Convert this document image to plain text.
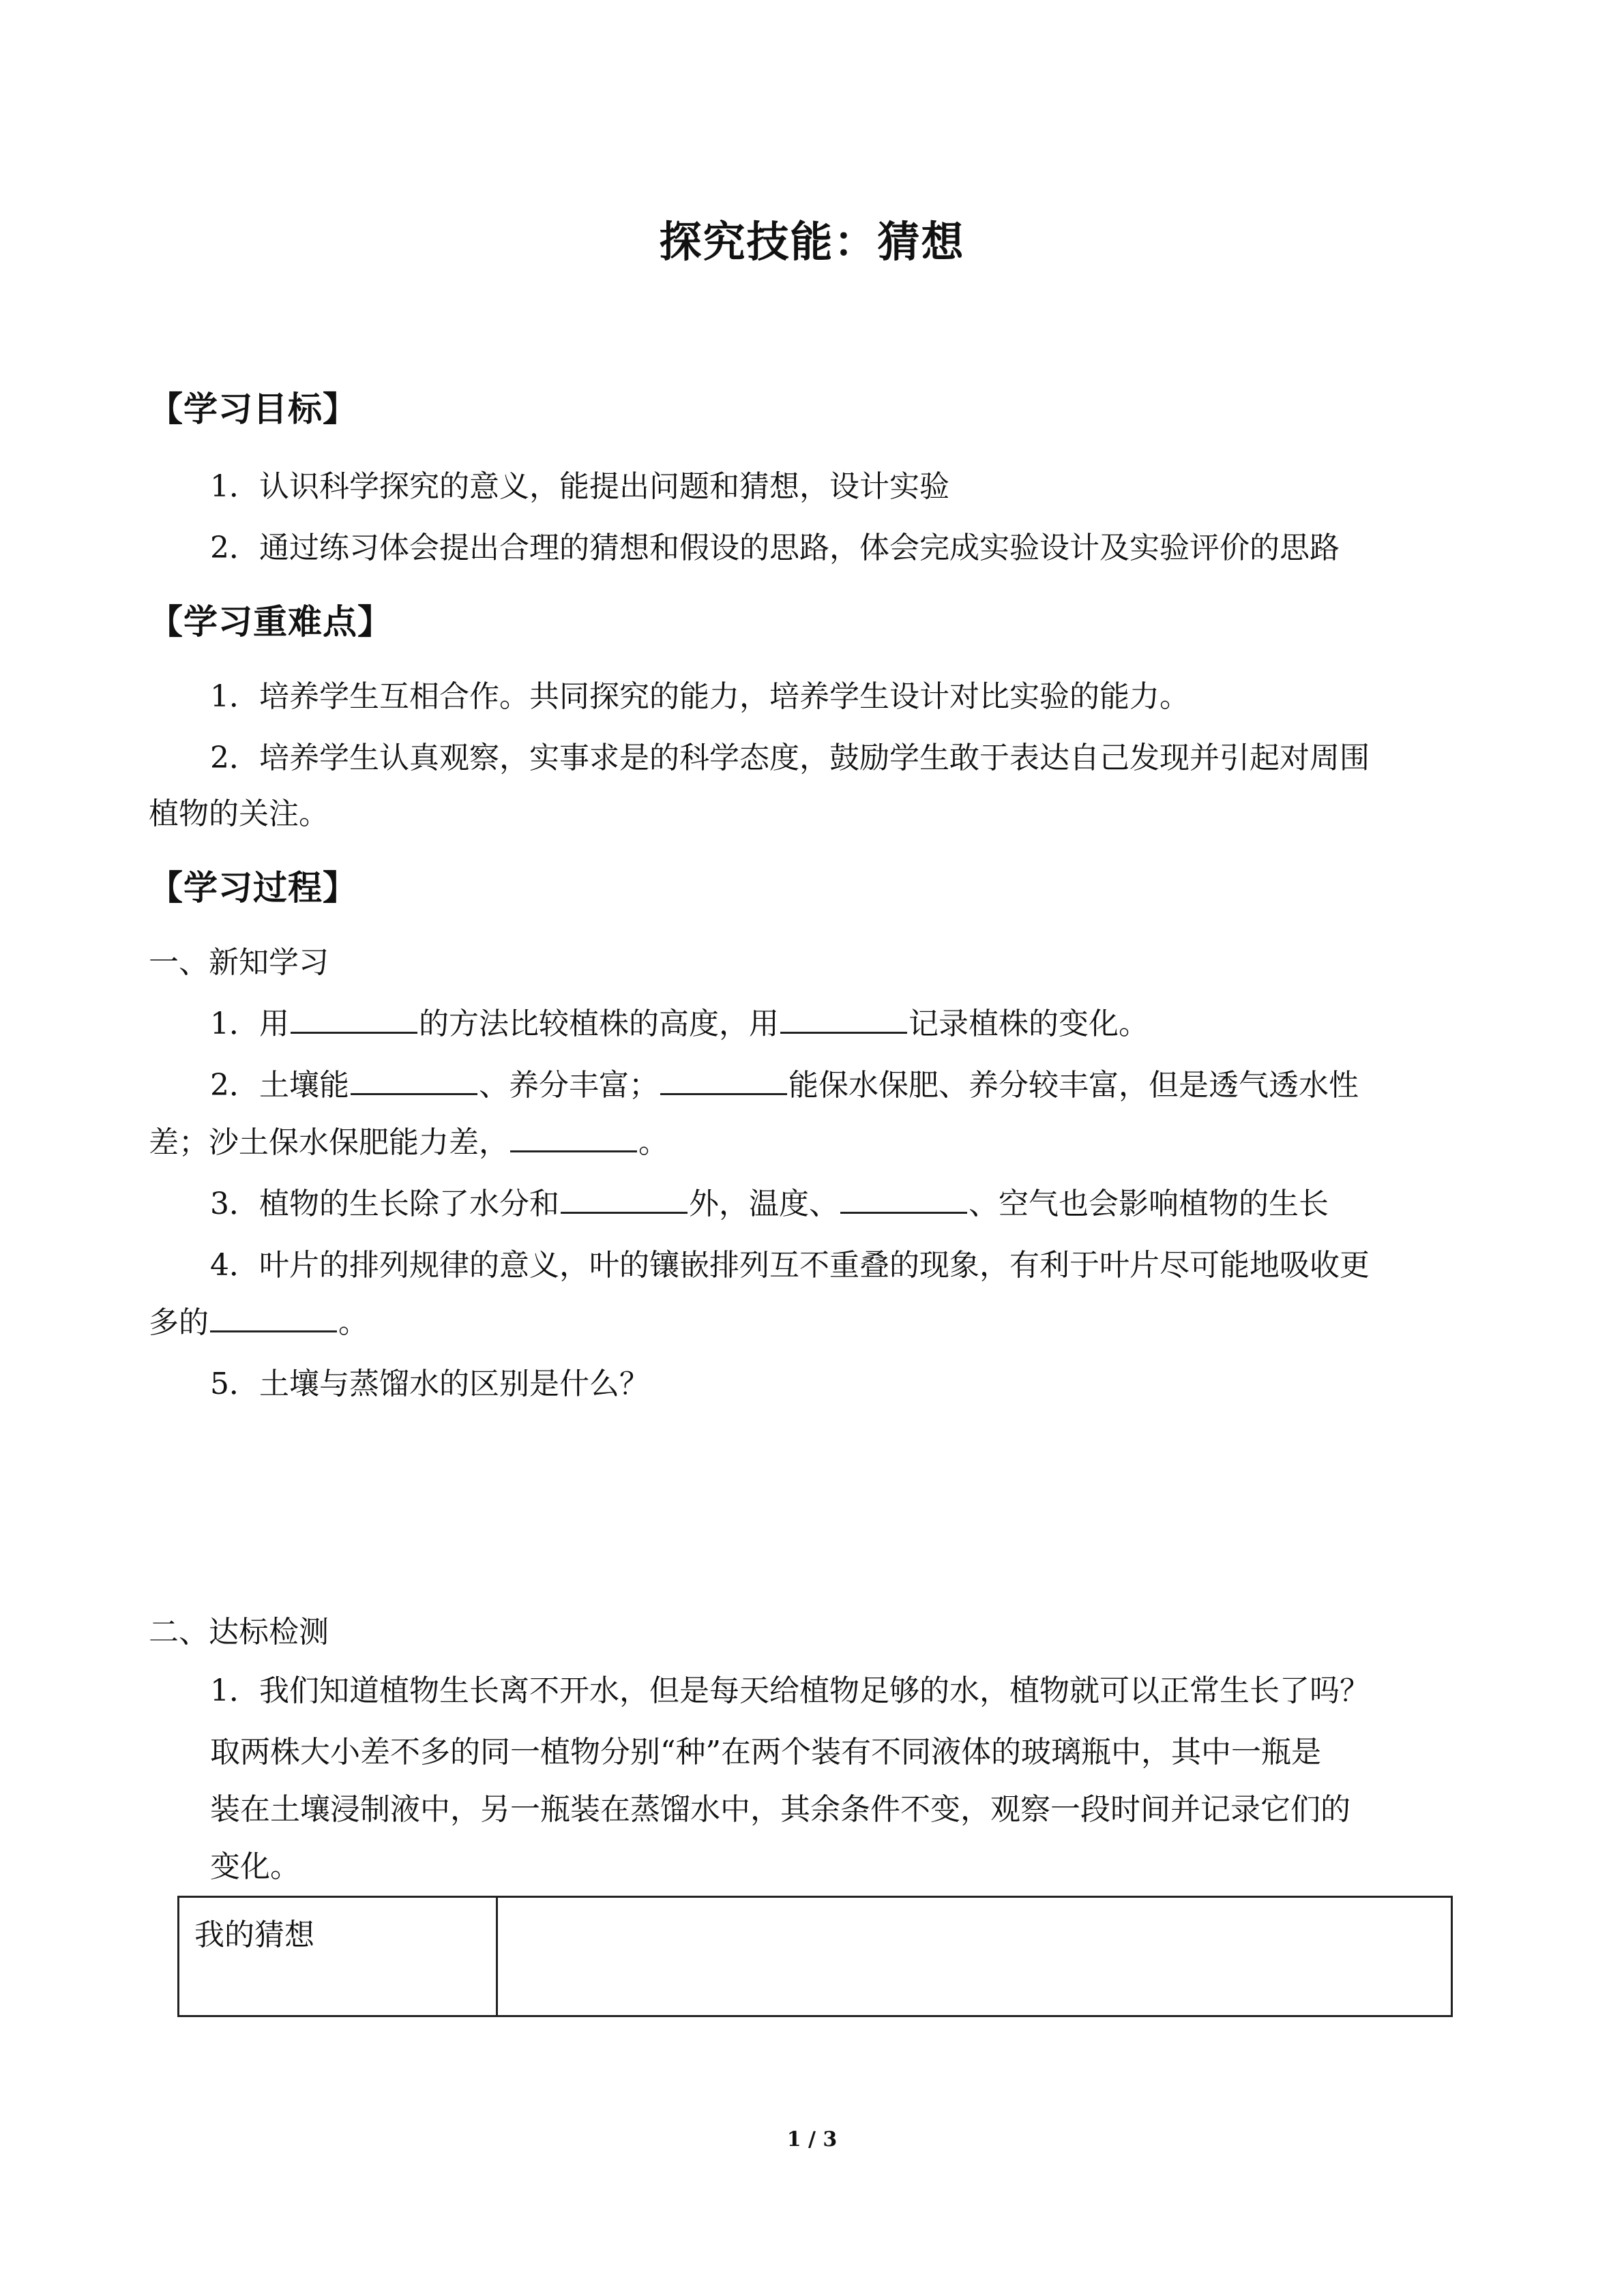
探究技能：猜想
【学习目标】
1．认识科学探究的意义，能提出问题和猜想，设计实验
2．通过练习体会提出合理的猜想和假设的思路，体会完成实验设计及实验评价的思路
【学习重难点】
1．培养学生互相合作。共同探究的能力，培养学生设计对比实验的能力。
2．培养学生认真观察，实事求是的科学态度，鼓励学生敢于表达自己发现并引起对周围
植物的关注。
【学习过程】
一、新知学习
1．用	的方法比较植株的高度，用	记录植株的变化。
2．土壤能	、养分丰富；	能保水保肥、养分较丰富，但是透气透水性
差；沙土保水保肥能力差，	。
3．植物的生长除了水分和	外，温度、	、空气也会影响植物的生长
4．叶片的排列规律的意义，叶的镶嵌排列互不重叠的现象，有利于叶片尽可能地吸收更
多的	。
5．土壤与蒸馏水的区别是什么？
二、达标检测
1．我们知道植物生长离不开水，但是每天给植物足够的水，植物就可以正常生长了吗？
取两株大小差不多的同一植物分别“种”在两个装有不同液体的玻璃瓶中，其中一瓶是
装在土壤浸制液中，另一瓶装在蒸馏水中，其余条件不变，观察一段时间并记录它们的
变化。
我的猜想
1 / 3
